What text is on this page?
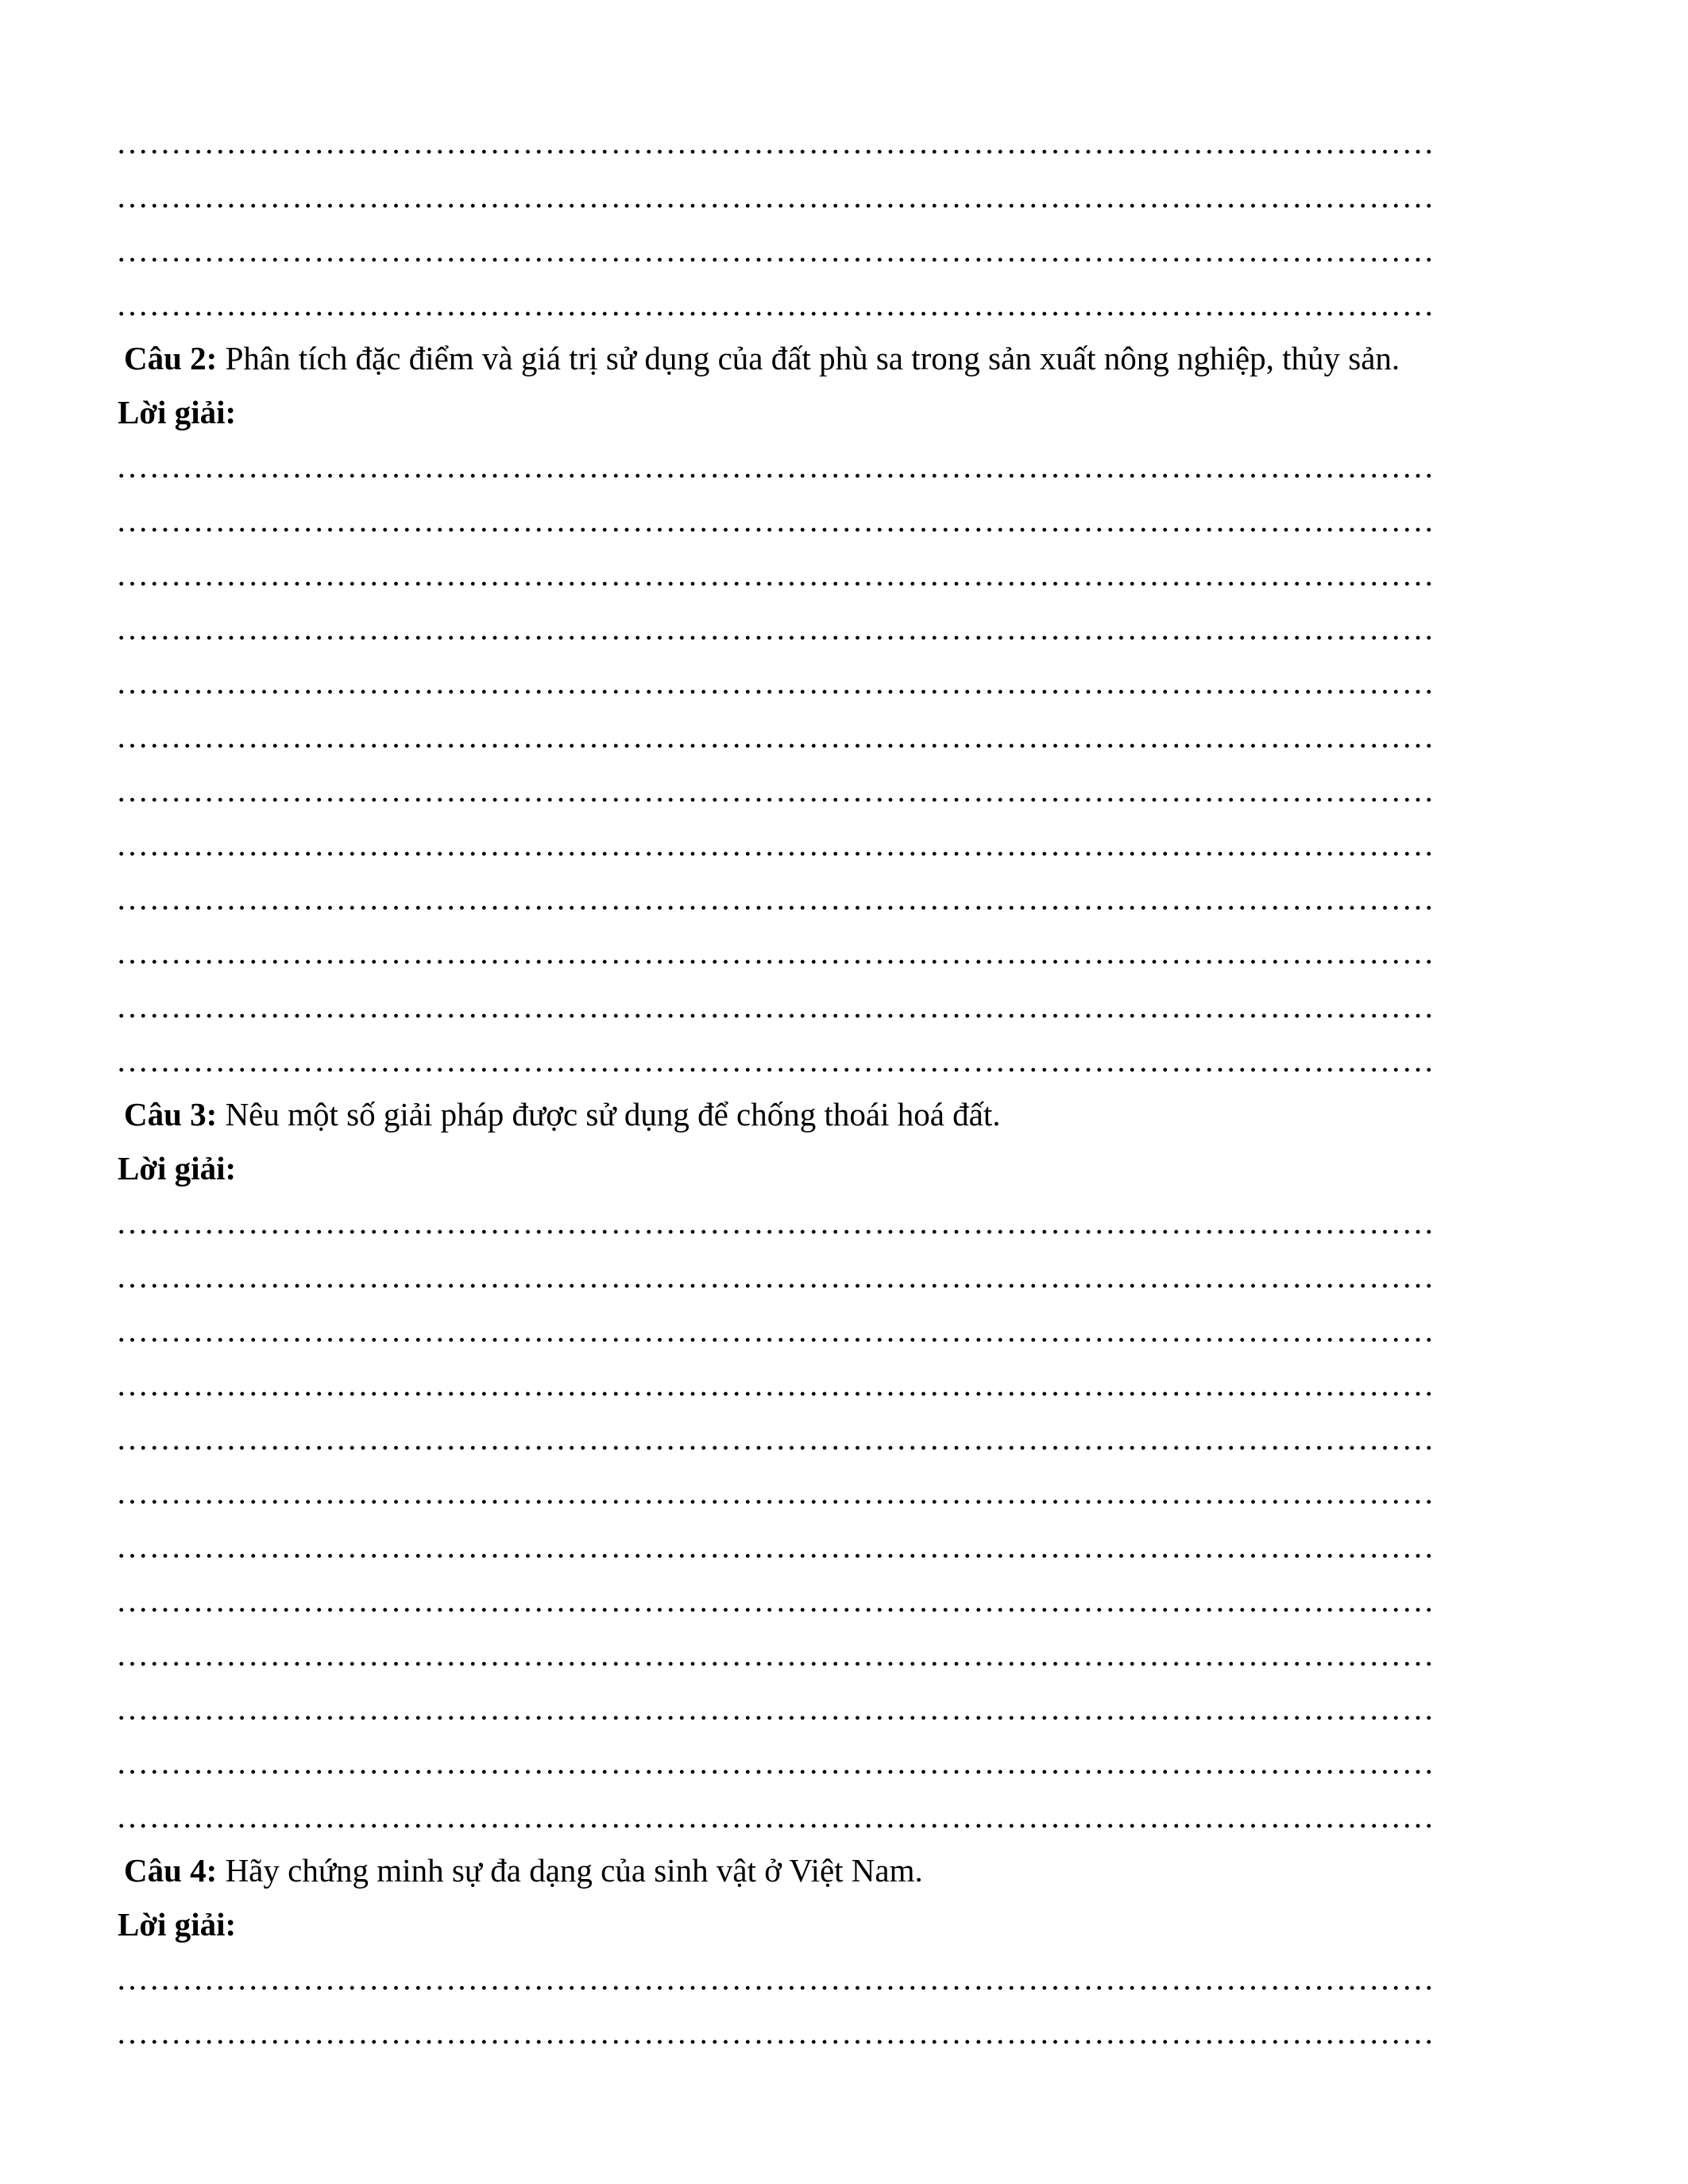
…………………………………………………………………………………………………………
…………………………………………………………………………………………………………
…………………………………………………………………………………………………………
…………………………………………………………………………………………………………
Câu 2: Phân tích đặc điểm và giá trị sử dụng của đất phù sa trong sản xuất nông nghiệp, thủy sản.
Lời giải:
…………………………………………………………………………………………………………
…………………………………………………………………………………………………………
…………………………………………………………………………………………………………
…………………………………………………………………………………………………………
…………………………………………………………………………………………………………
…………………………………………………………………………………………………………
…………………………………………………………………………………………………………
…………………………………………………………………………………………………………
…………………………………………………………………………………………………………
…………………………………………………………………………………………………………
…………………………………………………………………………………………………………
…………………………………………………………………………………………………………
Câu 3: Nêu một số giải pháp được sử dụng để chống thoái hoá đất.
Lời giải:
…………………………………………………………………………………………………………
…………………………………………………………………………………………………………
…………………………………………………………………………………………………………
…………………………………………………………………………………………………………
…………………………………………………………………………………………………………
…………………………………………………………………………………………………………
…………………………………………………………………………………………………………
…………………………………………………………………………………………………………
…………………………………………………………………………………………………………
…………………………………………………………………………………………………………
…………………………………………………………………………………………………………
…………………………………………………………………………………………………………
Câu 4: Hãy chứng minh sự đa dạng của sinh vật ở Việt Nam.
Lời giải:
…………………………………………………………………………………………………………
…………………………………………………………………………………………………………
